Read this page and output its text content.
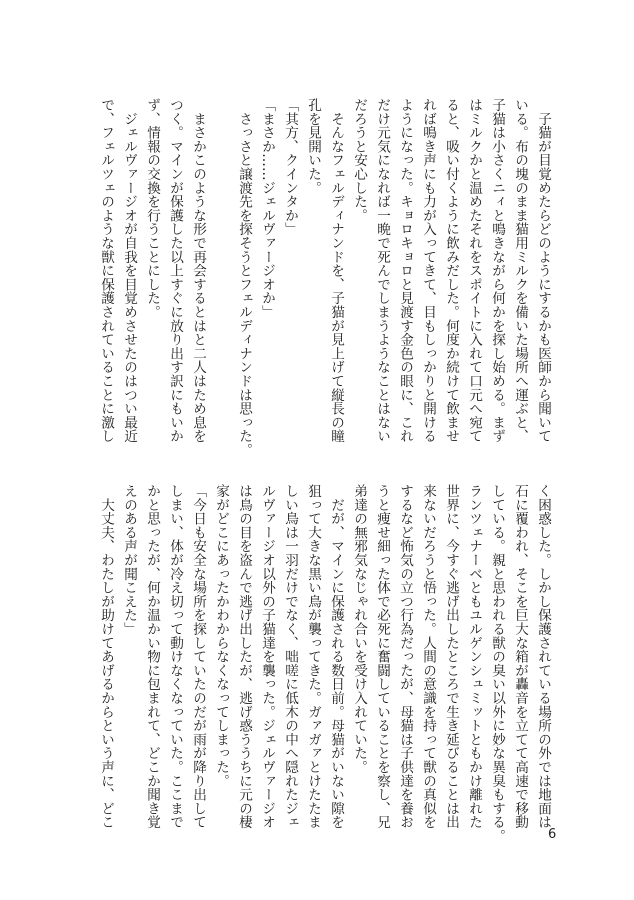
　子猫が目覚めたらどのようにするかも医師から聞いて

いる。布の塊のまま猫用ミルクを備いた場所へ運ぶと、

子猫は小さくニィと鳴きながら何かを探し始める。まず

はミルクかと温めたそれをスポイトに入れて口元へ宛て

ると、吸い付くように飲みだした。何度か続けて飲ませ

れば鳴き声にも力が入ってきて、目もしっかりと開ける

ようになった。キョロキョロと見渡す金色の眼に、これ

だけ元気になれば一晩で死んでしまうようなことはない

だろうと安心した。

　そんなフェルディナンドを、子猫が見上げて縦長の瞳

孔を見開いた。

「其方、クインタか」

「まさか……ジェルヴァージオか」

　さっさと譲渡先を探そうとフェルディナンドは思った。

　まさかこのような形で再会するとはと二人はため息を

つく。マインが保護した以上すぐに放り出す訳にもいか

ず、情報の交換を行うことにした。

　ジェルヴァージオが自我を目覚めさせたのはつい最近

で、フェルツェのような獣に保護されていることに激し

く困惑した。しかし保護されている場所の外では地面は

石に覆われ、そこを巨大な箱が轟音を立てて高速で移動

している。親と思われる獣の臭い以外に妙な異臭もする。

ランツェナーベともユルゲンシュミットともかけ離れた

世界に、今すぐ逃げ出したところで生き延びることは出

来ないだろうと悟った。人間の意識を持って獣の真似を

するなど怖気の立つ行為だったが、母猫は子供達を養お

うと痩せ細った体で必死に奮闘していることを察し、兄

弟達の無邪気なじゃれ合いを受け入れていた。

　だが、マインに保護される数日前。母猫がいない隙を

狙って大きな黒い鳥が襲ってきた。ガァガァとけたたま

しい鳥は一羽だけでなく、咄嗟に低木の中へ隠れたジェ

ルヴァージオ以外の子猫達を襲った。ジェルヴァージオ

は鳥の目を盗んで逃げ出したが、逃げ惑ううちに元の棲

家がどこにあったかわからなくなってしまった。

「今日も安全な場所を探していたのだが雨が降り出して

しまい、体が冷え切って動けなくなっていた。ここまで

かと思ったが、何か温かい物に包まれて、どこか聞き覚

えのある声が聞こえた」

　大丈夫、わたしが助けてあげるからという声に、どこ

6
